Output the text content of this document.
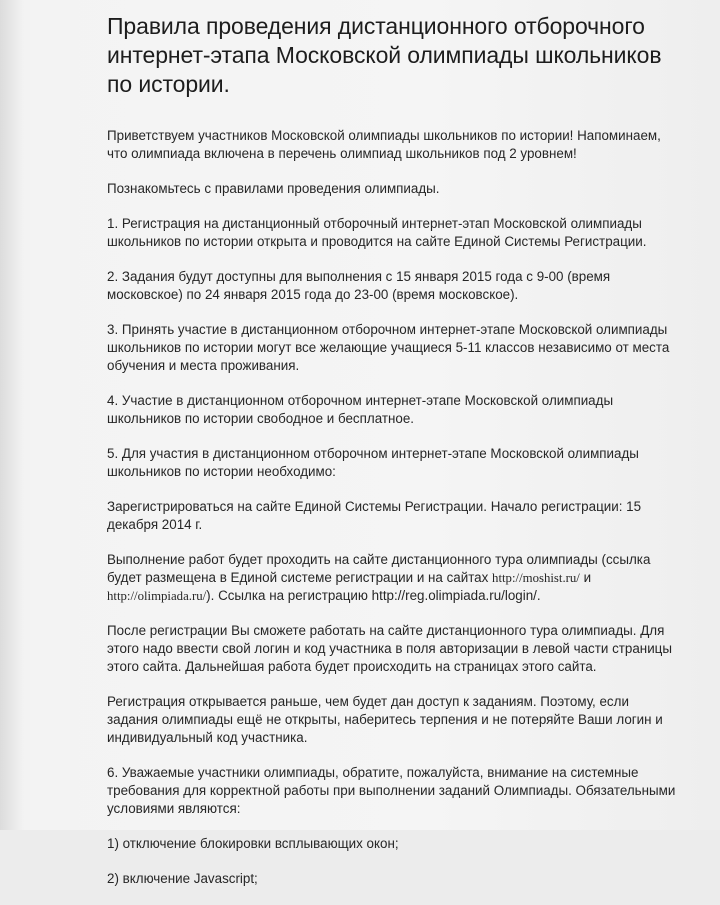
Правила проведения дистанционного отборочного интернет-этапа Московской олимпиады школьников по истории.

Приветствуем участников Московской олимпиады школьников по истории! Напоминаем, что олимпиада включена в перечень олимпиад школьников под 2 уровнем!

Познакомьтесь с правилами проведения олимпиады.

1. Регистрация на дистанционный отборочный интернет-этап Московской олимпиады школьников по истории открыта и проводится на сайте Единой Системы Регистрации.

2. Задания будут доступны для выполнения с 15 января 2015 года с 9-00 (время московское) по 24 января 2015 года до 23-00 (время московское).

3. Принять участие в дистанционном отборочном интернет-этапе Московской олимпиады школьников по истории могут все желающие учащиеся 5-11 классов независимо от места обучения и места проживания.

4. Участие в дистанционном отборочном интернет-этапе Московской олимпиады школьников по истории свободное и бесплатное.

5. Для участия в дистанционном отборочном интернет-этапе Московской олимпиады школьников по истории необходимо:

Зарегистрироваться на сайте Единой Системы Регистрации. Начало регистрации: 15 декабря 2014 г.

Выполнение работ будет проходить на сайте дистанционного тура олимпиады (ссылка будет размещена в Единой системе регистрации и на сайтах http://moshist.ru/ и http://olimpiada.ru/). Ссылка на регистрацию http://reg.olimpiada.ru/login/.

После регистрации Вы сможете работать на сайте дистанционного тура олимпиады. Для этого надо ввести свой логин и код участника в поля авторизации в левой части страницы этого сайта. Дальнейшая работа будет происходить на страницах этого сайта.

Регистрация открывается раньше, чем будет дан доступ к заданиям. Поэтому, если задания олимпиады ещё не открыты, наберитесь терпения и не потеряйте Ваши логин и индивидуальный код участника.

6. Уважаемые участники олимпиады, обратите, пожалуйста, внимание на системные требования для корректной работы при выполнении заданий Олимпиады. Обязательными условиями являются:

1) отключение блокировки всплывающих окон;

2) включение Javascript;
